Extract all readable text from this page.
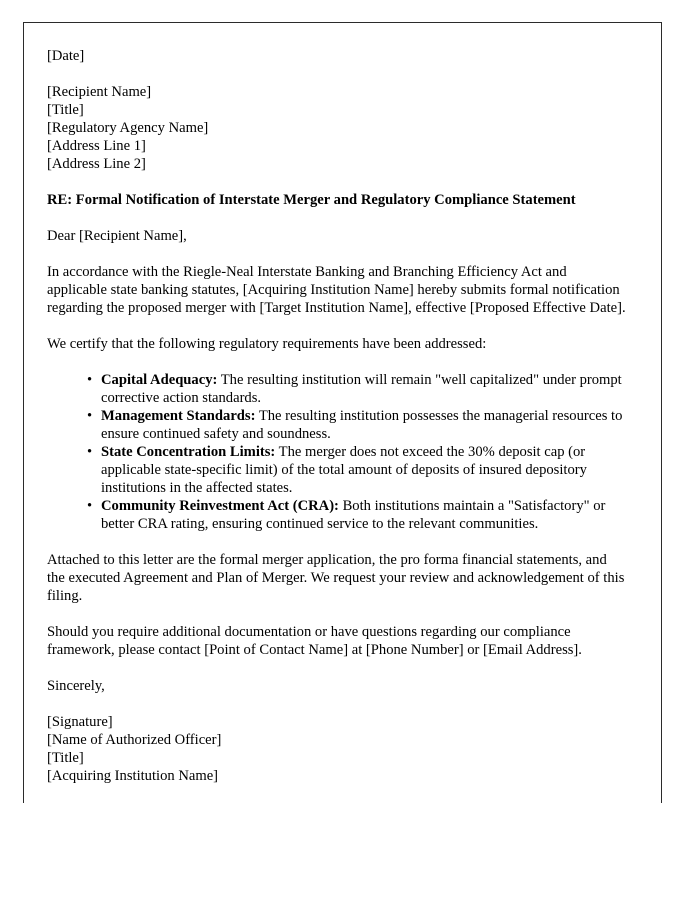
[Date]
[Recipient Name]
[Title]
[Regulatory Agency Name]
[Address Line 1]
[Address Line 2]
RE: Formal Notification of Interstate Merger and Regulatory Compliance Statement

Dear [Recipient Name],

In accordance with the Riegle-Neal Interstate Banking and Branching Efficiency Act and applicable state banking statutes, [Acquiring Institution Name] hereby submits formal notification regarding the proposed merger with [Target Institution Name], effective [Proposed Effective Date].

We certify that the following regulatory requirements have been addressed:

• Capital Adequacy: The resulting institution will remain "well capitalized" under prompt corrective action standards.
• Management Standards: The resulting institution possesses the managerial resources to ensure continued safety and soundness.
• State Concentration Limits: The merger does not exceed the 30% deposit cap (or applicable state-specific limit) of the total amount of deposits of insured depository institutions in the affected states.
• Community Reinvestment Act (CRA): Both institutions maintain a "Satisfactory" or better CRA rating, ensuring continued service to the relevant communities.

Attached to this letter are the formal merger application, the pro forma financial statements, and the executed Agreement and Plan of Merger. We request your review and acknowledgement of this filing.

Should you require additional documentation or have questions regarding our compliance framework, please contact [Point of Contact Name] at [Phone Number] or [Email Address].

Sincerely,

[Signature]
[Name of Authorized Officer]
[Title]
[Acquiring Institution Name]
